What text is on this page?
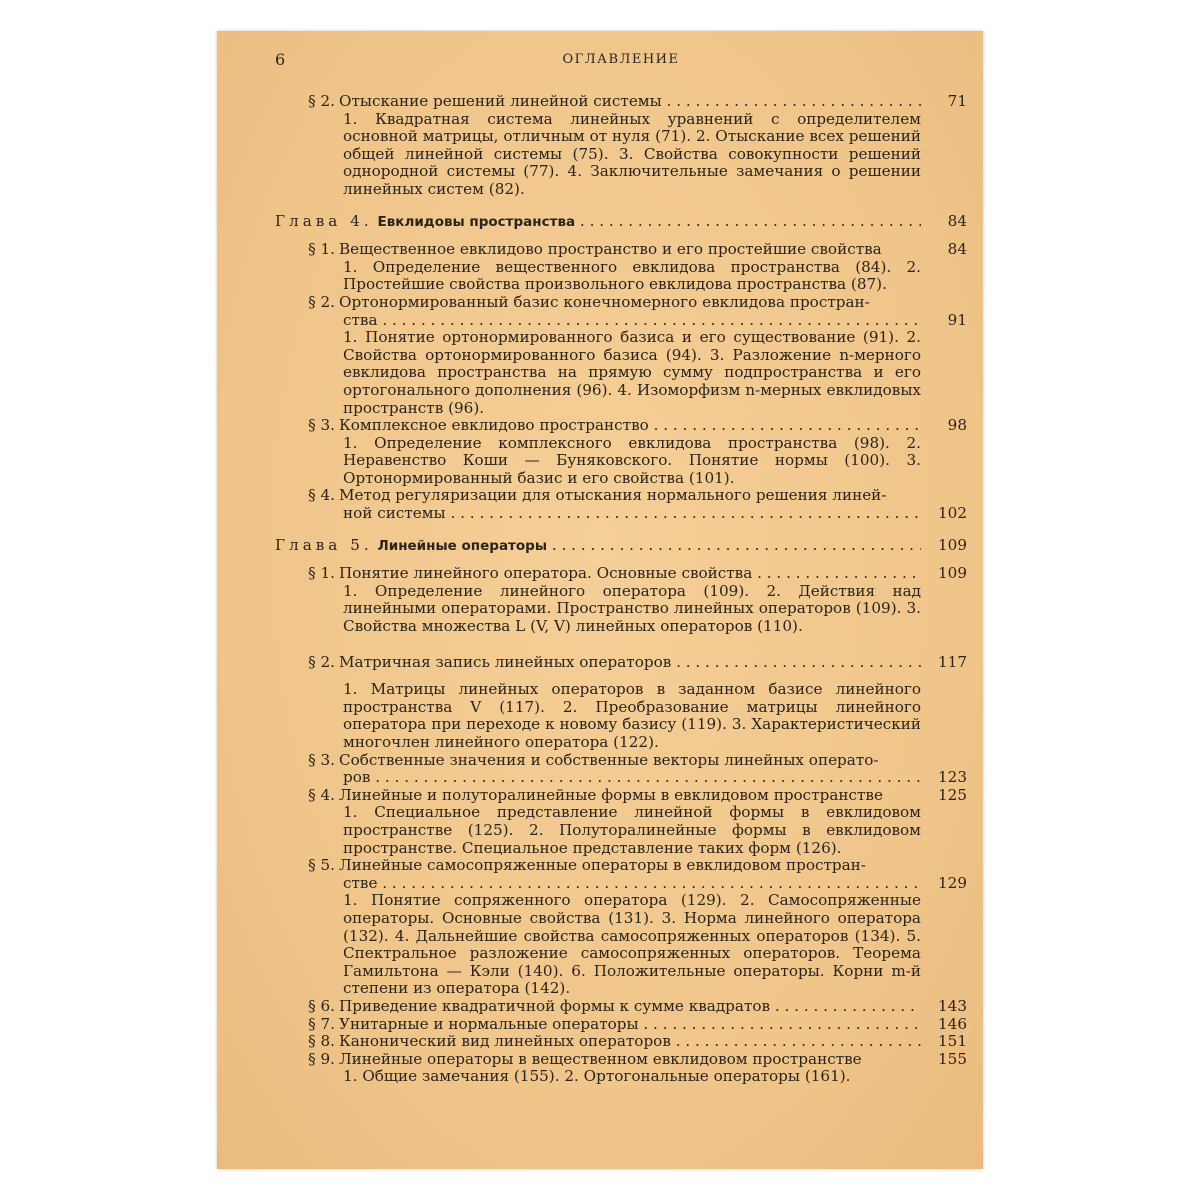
6	ОГЛАВЛЕНИЕ
§ 2. Отыскание решений линейной системы . . .	71
1. Квадратная система линейных уравнений с определителем основной матрицы, отличным от нуля (71). 2. Отыскание всех решений общей линейной системы (75). 3. Свойства совокупности решений однородной системы (77). 4. Заключительные замечания о решении линейных систем (82).
Глава 4. Евклидовы пространства . . .	84
§ 1. Вещественное евклидово пространство и его простейшие свойства	84
1. Определение вещественного евклидова пространства (84). 2. Простейшие свойства произвольного евклидова пространства (87).
§ 2. Ортонормированный базис конечномерного евклидова простран-
ства . . .	91
1. Понятие ортонормированного базиса и его существование (91). 2. Свойства ортонормированного базиса (94). 3. Разложение n-мерного евклидова пространства на прямую сумму подпространства и его ортогонального дополнения (96). 4. Изоморфизм n-мерных евклидовых пространств (96).
§ 3. Комплексное евклидово пространство . . .	98
1. Определение комплексного евклидова пространства (98). 2. Неравенство Коши — Буняковского. Понятие нормы (100). 3. Ортонормированный базис и его свойства (101).
§ 4. Метод регуляризации для отыскания нормального решения линей-
ной системы . . .	102
Глава 5. Линейные операторы . . .	109
§ 1. Понятие линейного оператора. Основные свойства . . .	109
1. Определение линейного оператора (109). 2. Действия над линейными операторами. Пространство линейных операторов (109). 3. Свойства множества L (V, V) линейных операторов (110).
§ 2. Матричная запись линейных операторов . . .	117
1. Матрицы линейных операторов в заданном базисе линейного пространства V (117). 2. Преобразование матрицы линейного оператора при переходе к новому базису (119). 3. Характеристический многочлен линейного оператора (122).
§ 3. Собственные значения и собственные векторы линейных операто-
ров . . .	123
§ 4. Линейные и полуторалинейные формы в евклидовом пространстве	125
1. Специальное представление линейной формы в евклидовом пространстве (125). 2. Полуторалинейные формы в евклидовом пространстве. Специальное представление таких форм (126).
§ 5. Линейные самосопряженные операторы в евклидовом простран-
стве . . .	129
1. Понятие сопряженного оператора (129). 2. Самосопряженные операторы. Основные свойства (131). 3. Норма линейного оператора (132). 4. Дальнейшие свойства самосопряженных операторов (134). 5. Спектральное разложение самосопряженных операторов. Теорема Гамильтона — Кэли (140). 6. Положительные операторы. Корни m-й степени из оператора (142).
§ 6. Приведение квадратичной формы к сумме квадратов . . .	143
§ 7. Унитарные и нормальные операторы . . .	146
§ 8. Канонический вид линейных операторов . . .	151
§ 9. Линейные операторы в вещественном евклидовом пространстве	155
1. Общие замечания (155). 2. Ортогональные операторы (161).
